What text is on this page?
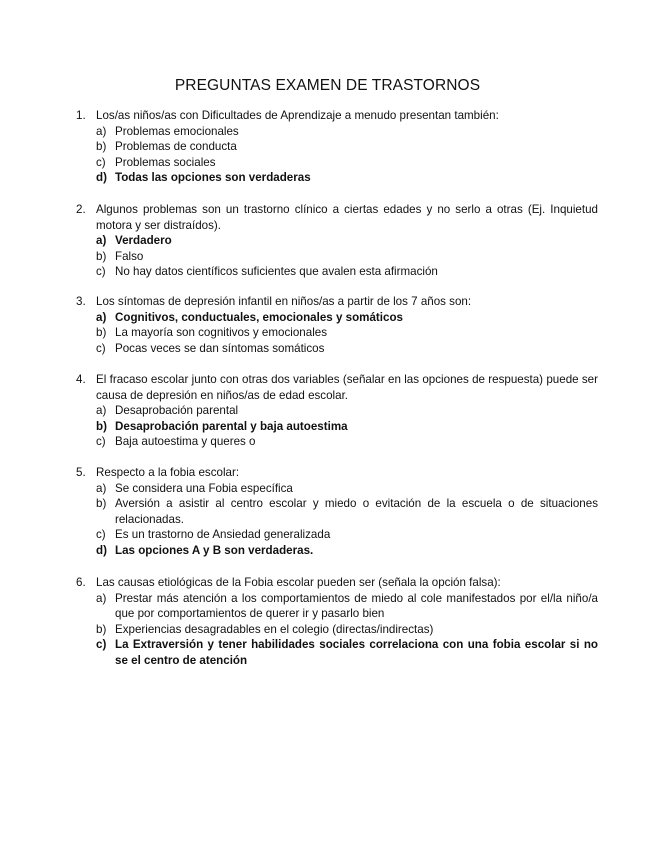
PREGUNTAS EXAMEN DE TRASTORNOS
1. Los/as niños/as con Dificultades de Aprendizaje a menudo presentan también:
a) Problemas emocionales
b) Problemas de conducta
c) Problemas sociales
d) Todas las opciones son verdaderas
2. Algunos problemas son un trastorno clínico a ciertas edades y no serlo a otras (Ej. Inquietud motora y ser distraídos).
a) Verdadero
b) Falso
c) No hay datos científicos suficientes que avalen esta afirmación
3. Los síntomas de depresión infantil en niños/as a partir de los 7 años son:
a) Cognitivos, conductuales, emocionales y somáticos
b) La mayoría son cognitivos y emocionales
c) Pocas veces se dan síntomas somáticos
4. El fracaso escolar junto con otras dos variables (señalar en las opciones de respuesta) puede ser causa de depresión en niños/as de edad escolar.
a) Desaprobación parental
b) Desaprobación parental y baja autoestima
c) Baja autoestima y queres o
5. Respecto a la fobia escolar:
a) Se considera una Fobia específica
b) Aversión a asistir al centro escolar y miedo o evitación de la escuela o de situaciones relacionadas.
c) Es un trastorno de Ansiedad generalizada
d) Las opciones A y B son verdaderas.
6. Las causas etiológicas de la Fobia escolar pueden ser (señala la opción falsa):
a) Prestar más atención a los comportamientos de miedo al cole manifestados por el/la niño/a que por comportamientos de querer ir y pasarlo bien
b) Experiencias desagradables en el colegio (directas/indirectas)
c) La Extraversión y tener habilidades sociales correlaciona con una fobia escolar si no se el centro de atención
